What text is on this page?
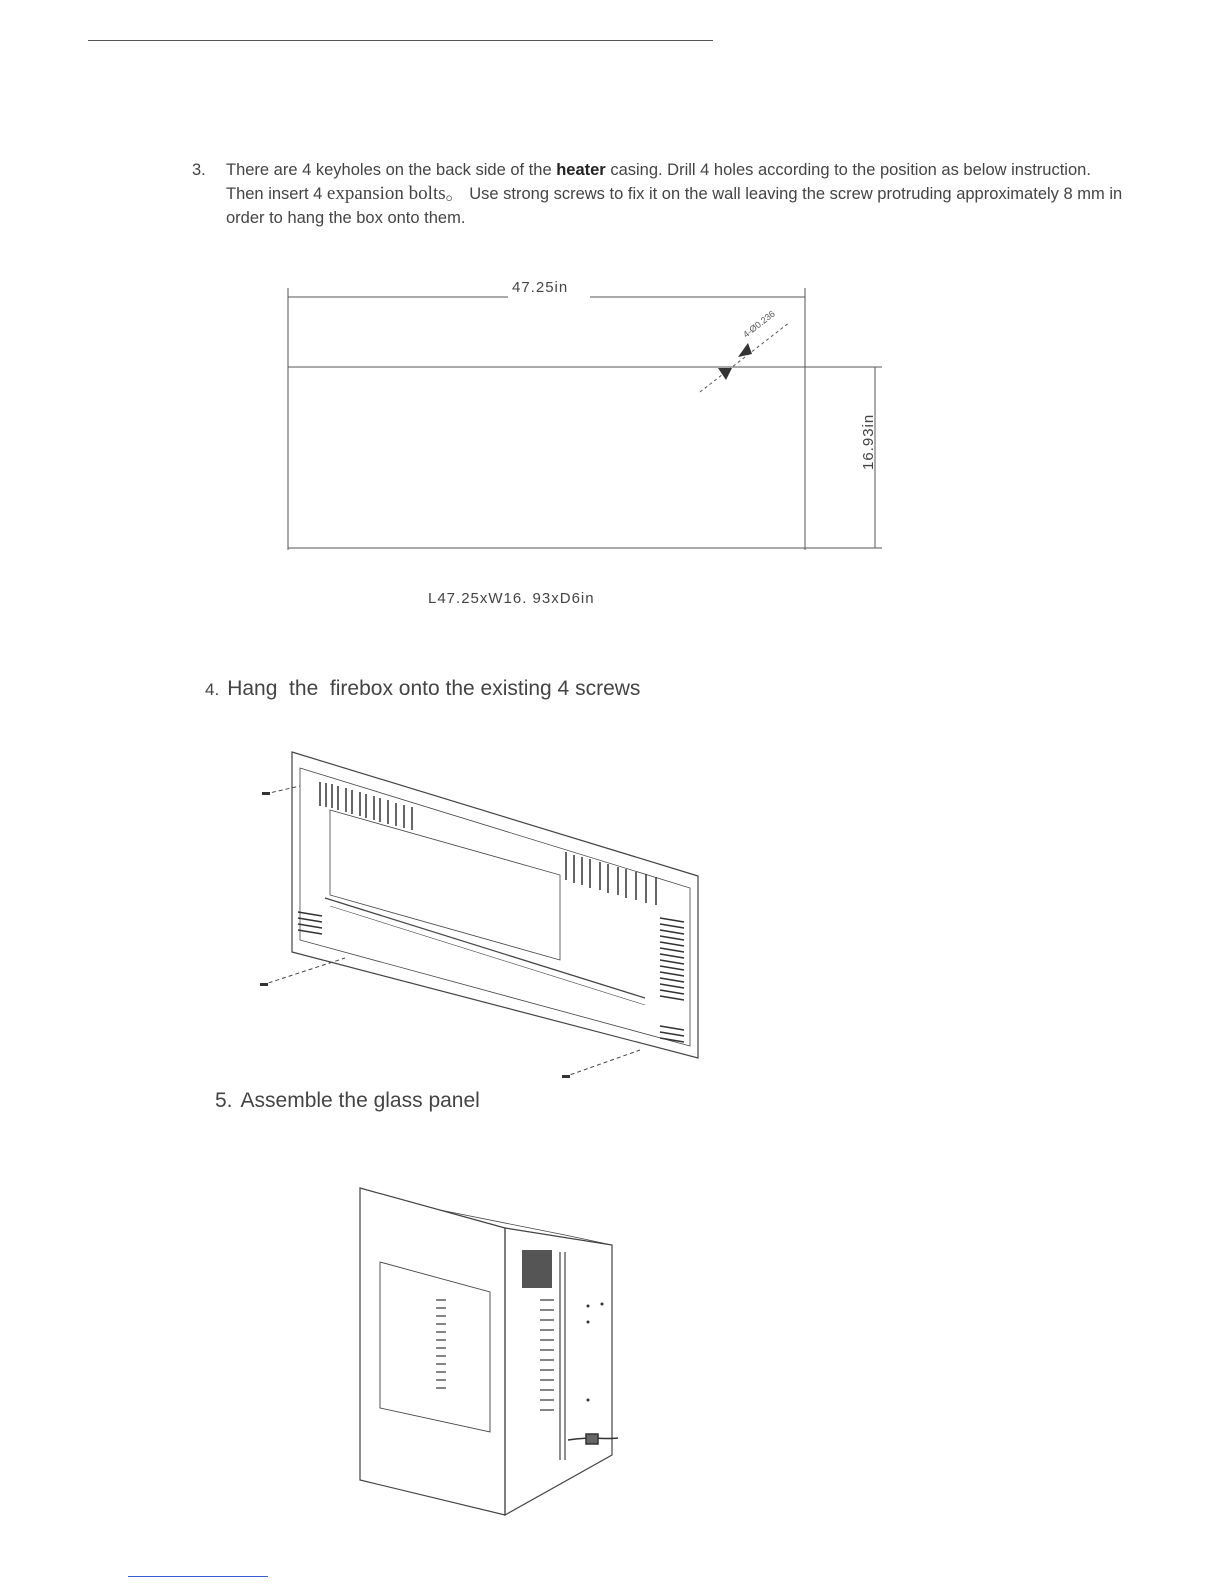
3. There are 4 keyholes on the back side of the heater casing. Drill 4 holes according to the position as below instruction. Then insert 4 expansion bolts。 Use strong screws to fix it on the wall leaving the screw protruding approximately 8 mm in order to hang the box onto them.
4-Ø0.236
47.25in
16.93in
L47.25xW16. 93xD6in
4. Hang  the  firebox onto the existing 4 screws
5. Assemble the glass panel
